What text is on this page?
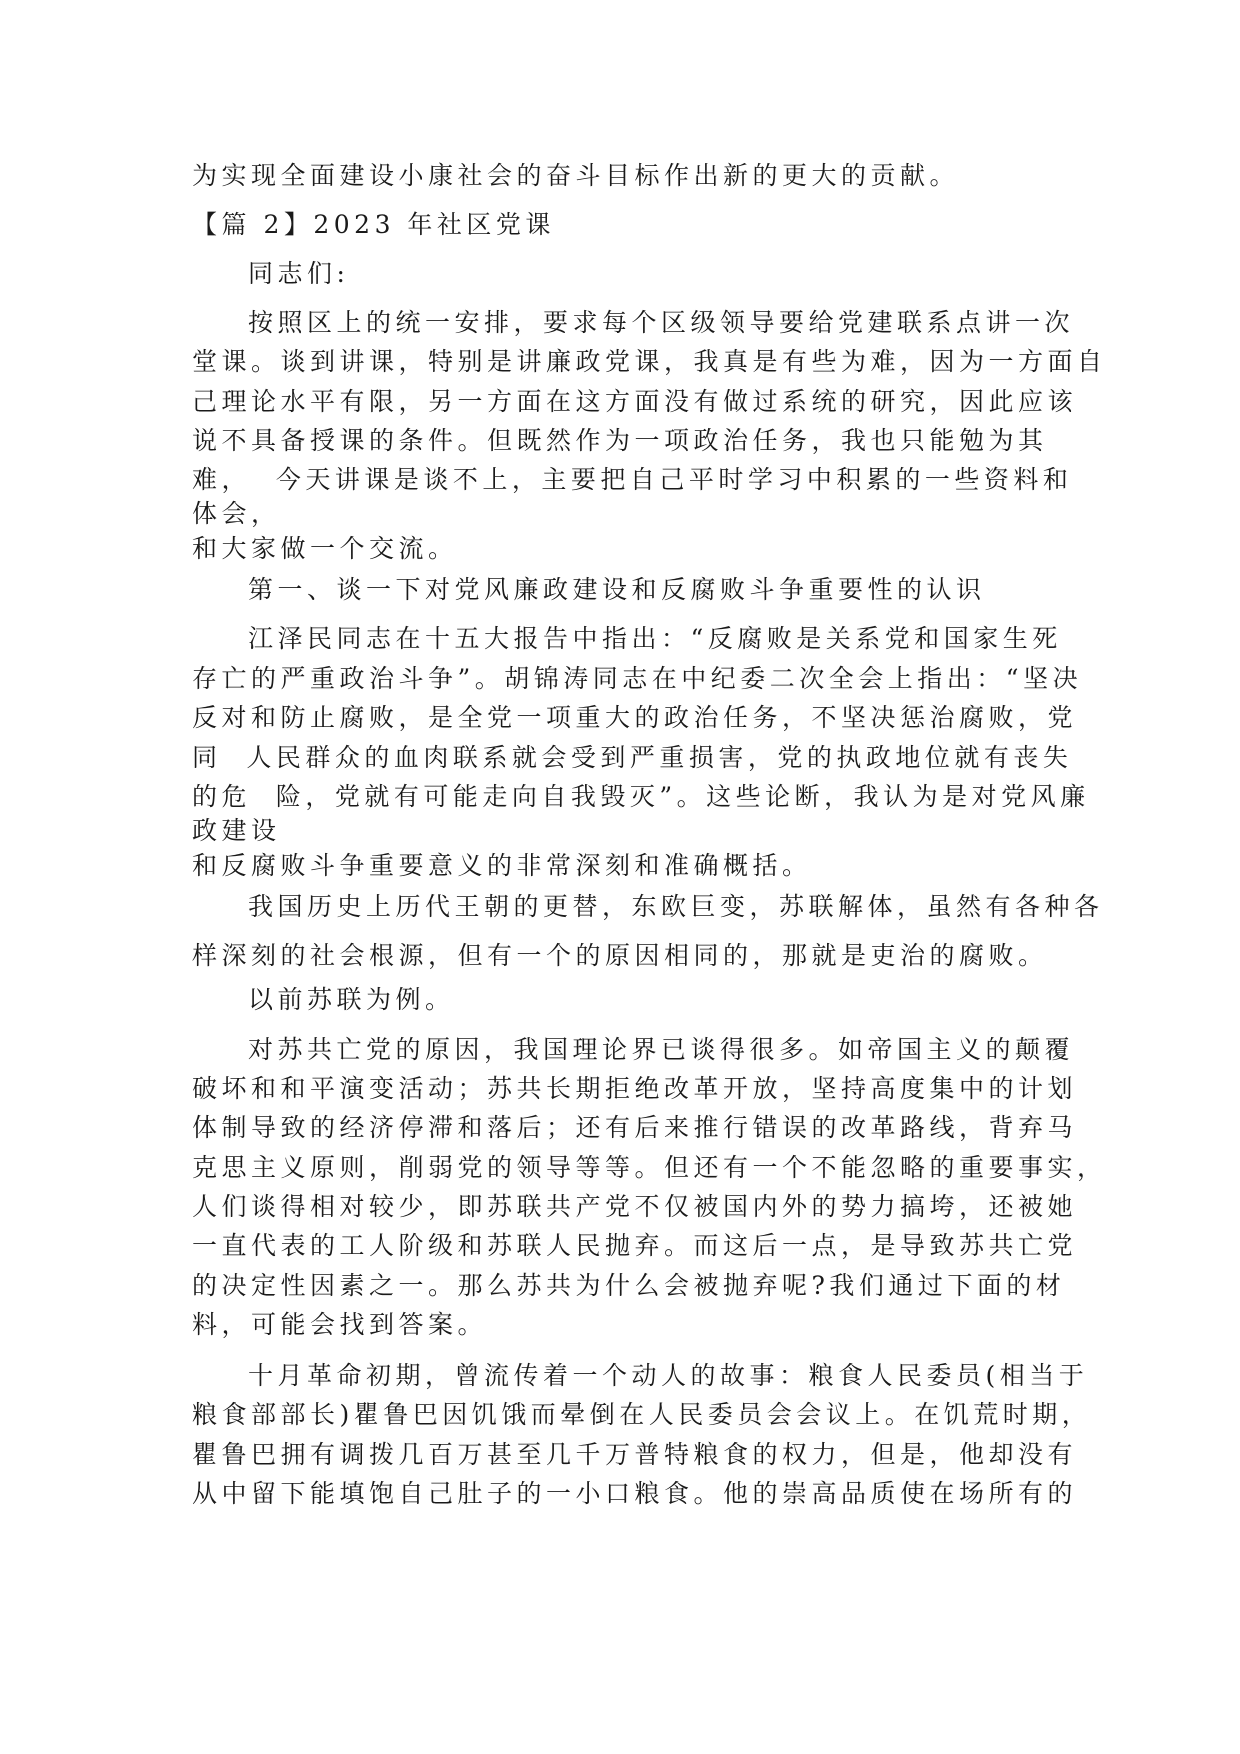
为实现全面建设小康社会的奋斗目标作出新的更大的贡献。
【篇 2】2023 年社区党课
同志们:
按照区上的统一安排，要求每个区级领导要给党建联系点讲一次
堂课。谈到讲课，特别是讲廉政党课，我真是有些为难，因为一方面自
己理论水平有限，另一方面在这方面没有做过系统的研究，因此应该
说不具备授课的条件。但既然作为一项政治任务，我也只能勉为其
难，  今天讲课是谈不上，主要把自己平时学习中积累的一些资料和
体会，
和大家做一个交流。
第一、谈一下对党风廉政建设和反腐败斗争重要性的认识
江泽民同志在十五大报告中指出：“反腐败是关系党和国家生死
存亡的严重政治斗争”。胡锦涛同志在中纪委二次全会上指出：“坚决
反对和防止腐败，是全党一项重大的政治任务，不坚决惩治腐败，党
同  人民群众的血肉联系就会受到严重损害，党的执政地位就有丧失
的危  险，党就有可能走向自我毁灭”。这些论断，我认为是对党风廉
政建设
和反腐败斗争重要意义的非常深刻和准确概括。
我国历史上历代王朝的更替，东欧巨变，苏联解体，虽然有各种各
样深刻的社会根源，但有一个的原因相同的，那就是吏治的腐败。
以前苏联为例。
对苏共亡党的原因，我国理论界已谈得很多。如帝国主义的颠覆
破坏和和平演变活动；苏共长期拒绝改革开放，坚持高度集中的计划
体制导致的经济停滞和落后；还有后来推行错误的改革路线，背弃马
克思主义原则，削弱党的领导等等。但还有一个不能忽略的重要事实，
人们谈得相对较少，即苏联共产党不仅被国内外的势力搞垮，还被她
一直代表的工人阶级和苏联人民抛弃。而这后一点，是导致苏共亡党
的决定性因素之一。那么苏共为什么会被抛弃呢?我们通过下面的材
料，可能会找到答案。
十月革命初期，曾流传着一个动人的故事：粮食人民委员(相当于
粮食部部长)瞿鲁巴因饥饿而晕倒在人民委员会会议上。在饥荒时期，
瞿鲁巴拥有调拨几百万甚至几千万普特粮食的权力，但是，他却没有
从中留下能填饱自己肚子的一小口粮食。他的崇高品质使在场所有的
